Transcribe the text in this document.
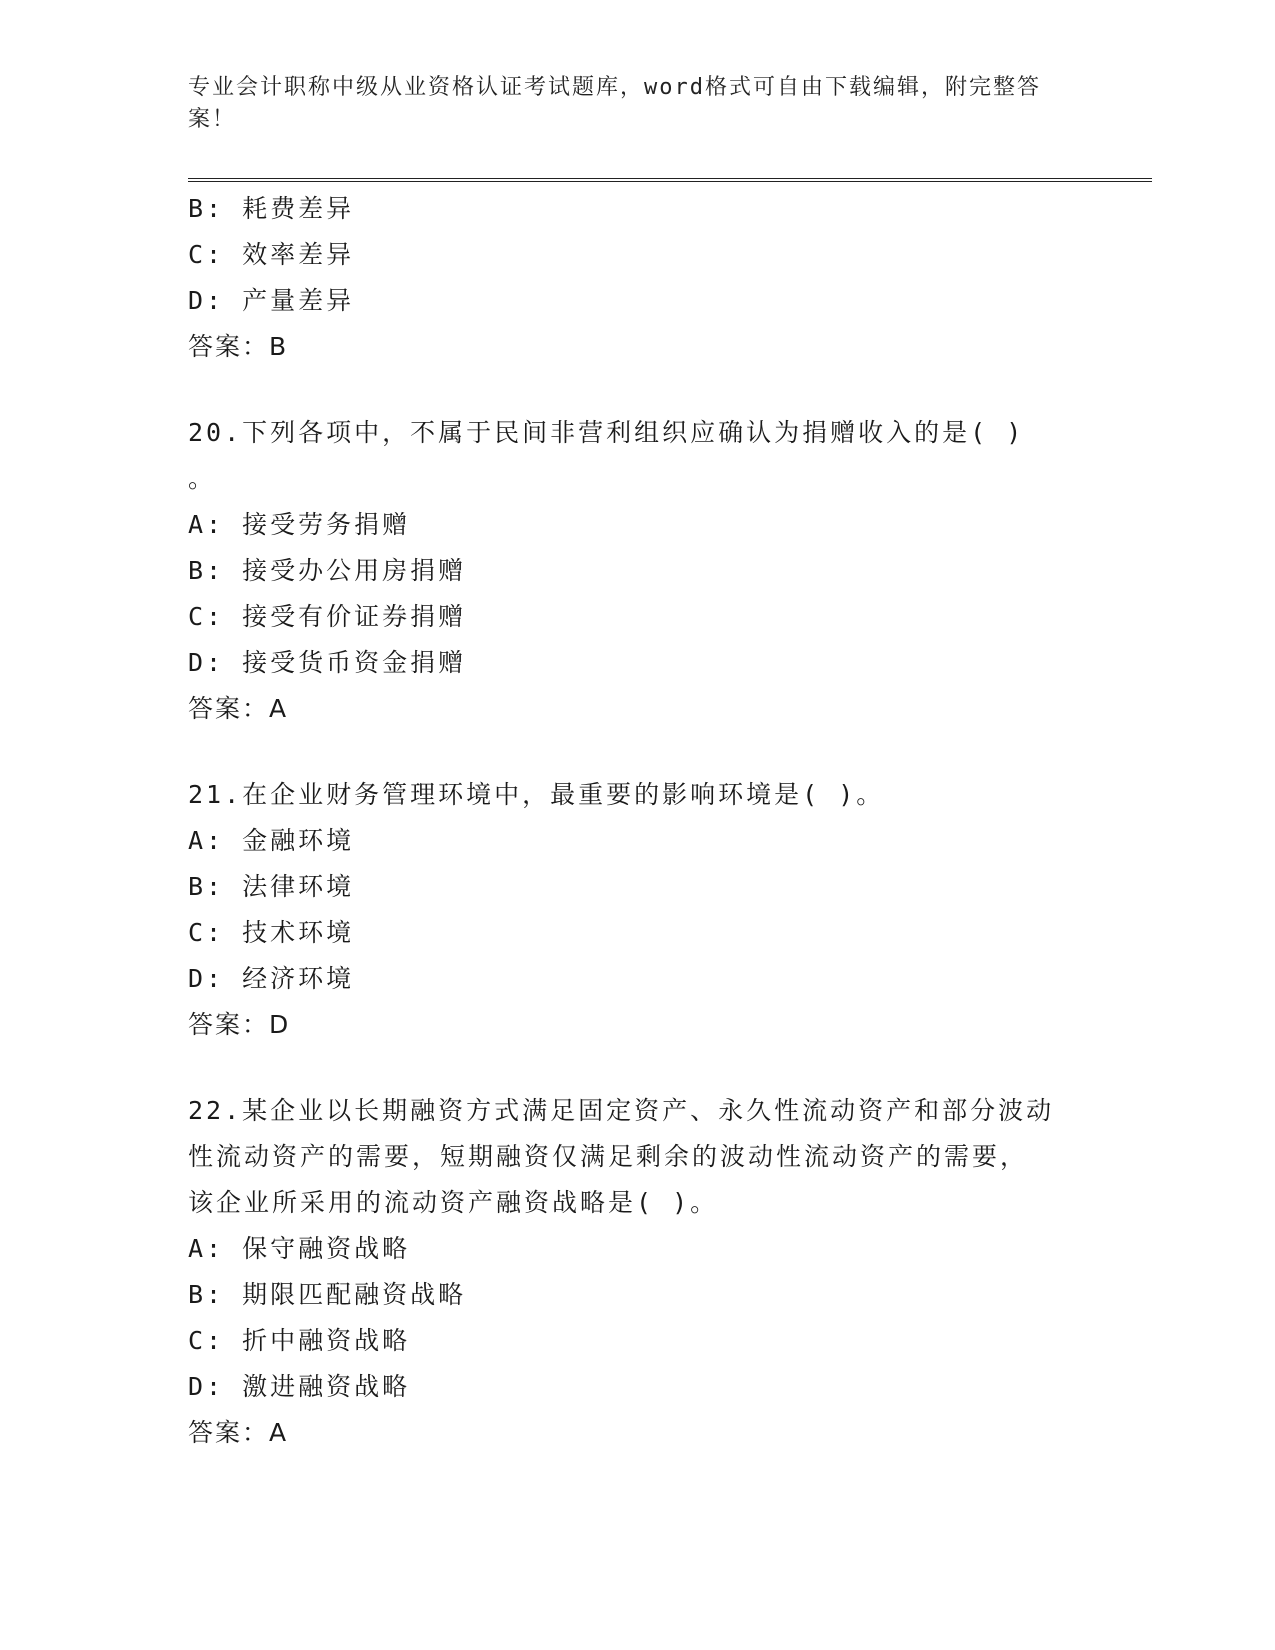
专业会计职称中级从业资格认证考试题库，word格式可自由下载编辑，附完整答案！
B: 耗费差异
C: 效率差异
D: 产量差异
答案：B
20.下列各项中，不属于民间非营利组织应确认为捐赠收入的是( )
。
A: 接受劳务捐赠
B: 接受办公用房捐赠
C: 接受有价证券捐赠
D: 接受货币资金捐赠
答案：A
21.在企业财务管理环境中，最重要的影响环境是( )。
A: 金融环境
B: 法律环境
C: 技术环境
D: 经济环境
答案：D
22.某企业以长期融资方式满足固定资产、永久性流动资产和部分波动
性流动资产的需要，短期融资仅满足剩余的波动性流动资产的需要，
该企业所采用的流动资产融资战略是( )。
A: 保守融资战略
B: 期限匹配融资战略
C: 折中融资战略
D: 激进融资战略
答案：A
